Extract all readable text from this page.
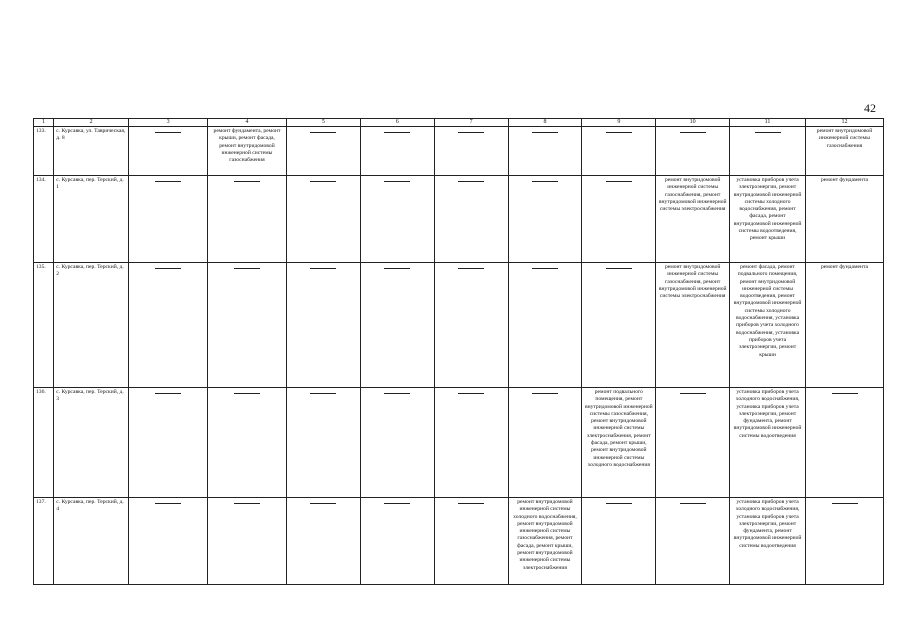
42
1	2	3	4	5	6	7	8	9	10	11	12
133.	с. Курсавка, ул. Таврическая, д. 8		ремонт фундамента, ремонт крыши, ремонт фасада, ремонт внутридомовой инженерной системы газоснабжения								ремонт внутридомовой инженерной системы газоснабжения
134.	с. Курсавка, пер. Терский, д. 1								ремонт внутридомовой инженерной системы газоснабжения, ремонт внутридомовой инженерной системы электроснабжения	установка приборов учета электроэнергии, ремонт внутридомовой инженерной системы холодного водоснабжения, ремонт фасада, ремонт внутридомовой инженерной системы водоотведения, ремонт крыши	ремонт фундамента
135.	с. Курсавка, пер. Терский, д. 2								ремонт внутридомовой инженерной системы газоснабжения, ремонт внутридомовой инженерной системы электроснабжения	ремонт фасада, ремонт подвального помещения, ремонт внутридомовой инженерной системы водоотведения, ремонт внутридомовой инженерной системы холодного водоснабжения, установка приборов учета холодного водоснабжения, установка приборов учета электроэнергии, ремонт крыши	ремонт фундамента
136.	с. Курсавка, пер. Терский, д. 3							ремонт подвального помещения, ремонт внутридомовой инженерной системы газоснабжения, ремонт внутридомовой инженерной системы электроснабжения, ремонт фасада, ремонт крыши, ремонт внутридомовой инженерной системы холодного водоснабжения		установка приборов учета холодного водоснабжения, установка приборов учета электроэнергии, ремонт фундамента, ремонт внутридомовой инженерной системы водоотведения	

137.	с. Курсавка, пер. Терский, д. 4						ремонт внутридомовой инженерной системы холодного водоснабжения, ремонт внутридомовой инженерной системы газоснабжения, ремонт фасада, ремонт крыши, ремонт внутридомовой инженерной системы электроснабжения			установка приборов учета холодного водоснабжения, установка приборов учета электроэнергии, ремонт фундамента, ремонт внутридомовой инженерной системы водоотведения	
